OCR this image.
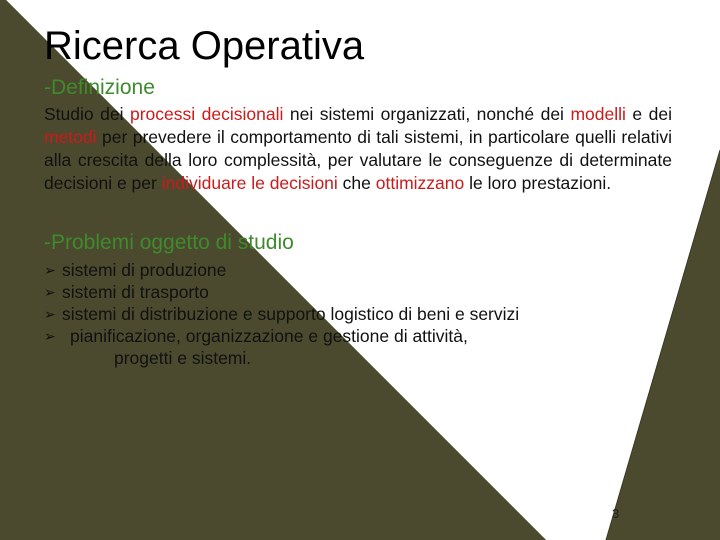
Ricerca Operativa
-Definizione
Studio dei processi decisionali nei sistemi organizzati, nonché dei modelli e dei metodi per prevedere il comportamento di tali sistemi, in particolare quelli relativi alla crescita della loro complessità, per valutare le conseguenze di determinate decisioni e per individuare le decisioni che ottimizzano le loro prestazioni.
-Problemi oggetto di studio
➢ sistemi di produzione
➢ sistemi di trasporto
➢ sistemi di distribuzione e supporto logistico di beni e servizi
➢ pianificazione, organizzazione e gestione di attività,
progetti e sistemi.
3
